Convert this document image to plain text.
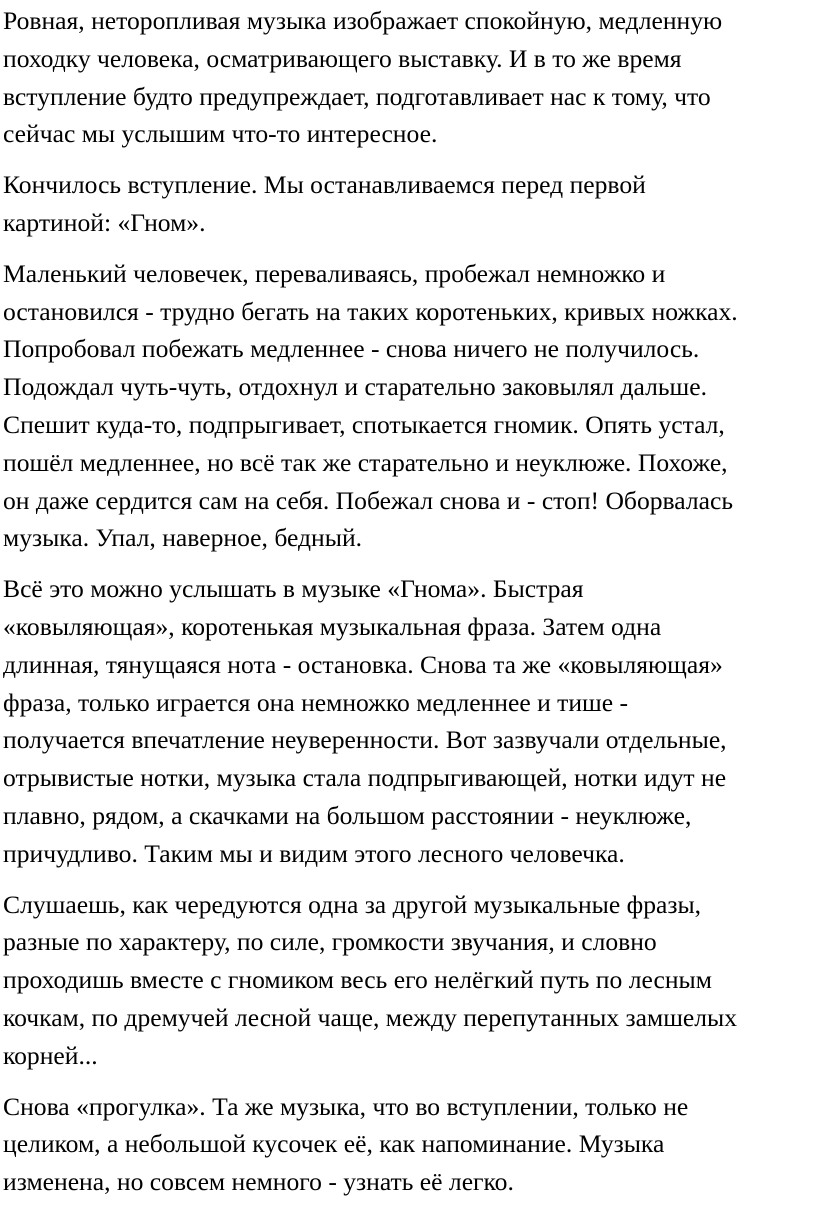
Ровная, неторопливая музыка изображает спокойную, медленную
походку человека, осматривающего выставку. И в то же время
вступление будто предупреждает, подготавливает нас к тому, что
сейчас мы услышим что-то интересное.
Кончилось вступление. Мы останавливаемся перед первой
картиной: «Гном».
Маленький человечек, переваливаясь, пробежал немножко и
остановился - трудно бегать на таких коротеньких, кривых ножках.
Попробовал побежать медленнее - снова ничего не получилось.
Подождал чуть-чуть, отдохнул и старательно заковылял дальше.
Спешит куда-то, подпрыгивает, спотыкается гномик. Опять устал,
пошёл медленнее, но всё так же старательно и неуклюже. Похоже,
он даже сердится сам на себя. Побежал снова и - стоп! Оборвалась
музыка. Упал, наверное, бедный.
Всё это можно услышать в музыке «Гнома». Быстрая
«ковыляющая», коротенькая музыкальная фраза. Затем одна
длинная, тянущаяся нота - остановка. Снова та же «ковыляющая»
фраза, только играется она немножко медленнее и тише -
получается впечатление неуверенности. Вот зазвучали отдельные,
отрывистые нотки, музыка стала подпрыгивающей, нотки идут не
плавно, рядом, а скачками на большом расстоянии - неуклюже,
причудливо. Таким мы и видим этого лесного человечка.
Слушаешь, как чередуются одна за другой музыкальные фразы,
разные по характеру, по силе, громкости звучания, и словно
проходишь вместе с гномиком весь его нелёгкий путь по лесным
кочкам, по дремучей лесной чаще, между перепутанных замшелых
корней...
Снова «прогулка». Та же музыка, что во вступлении, только не
целиком, а небольшой кусочек её, как напоминание. Музыка
изменена, но совсем немного - узнать её легко.
